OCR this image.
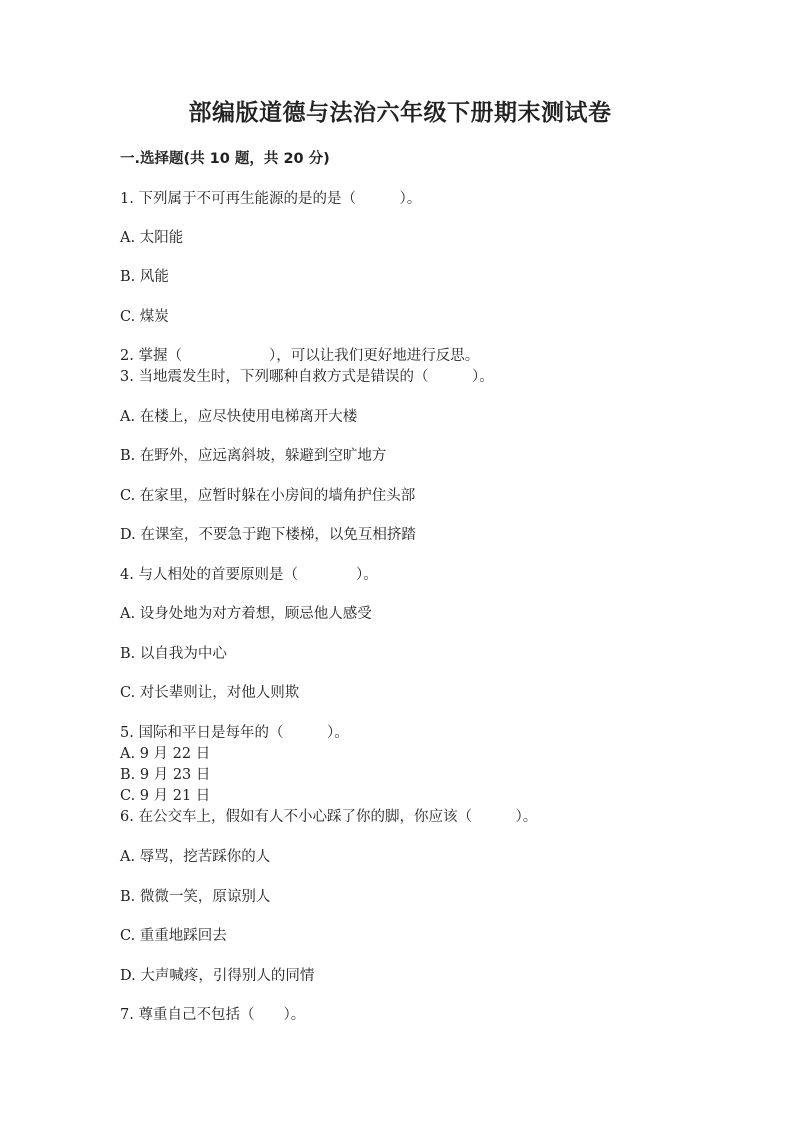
部编版道德与法治六年级下册期末测试卷
一.选择题(共 10 题，共 20 分)
1. 下列属于不可再生能源的是的是（　　　）。
A. 太阳能
B. 风能
C. 煤炭
2. 掌握（　　　　　　），可以让我们更好地进行反思。
3. 当地震发生时，下列哪种自救方式是错误的（　　　）。
A. 在楼上，应尽快使用电梯离开大楼
B. 在野外，应远离斜坡，躲避到空旷地方
C. 在家里，应暂时躲在小房间的墙角护住头部
D. 在课室，不要急于跑下楼梯，以免互相挤踏
4. 与人相处的首要原则是（　　　　）。
A. 设身处地为对方着想，顾忌他人感受
B. 以自我为中心
C. 对长辈则让，对他人则欺
5. 国际和平日是每年的（　　　）。
A. 9 月 22 日
B. 9 月 23 日
C. 9 月 21 日
6. 在公交车上，假如有人不小心踩了你的脚，你应该（　　　）。
A. 辱骂，挖苦踩你的人
B. 微微一笑，原谅别人
C. 重重地踩回去
D. 大声喊疼，引得别人的同情
7. 尊重自己不包括（　　）。
